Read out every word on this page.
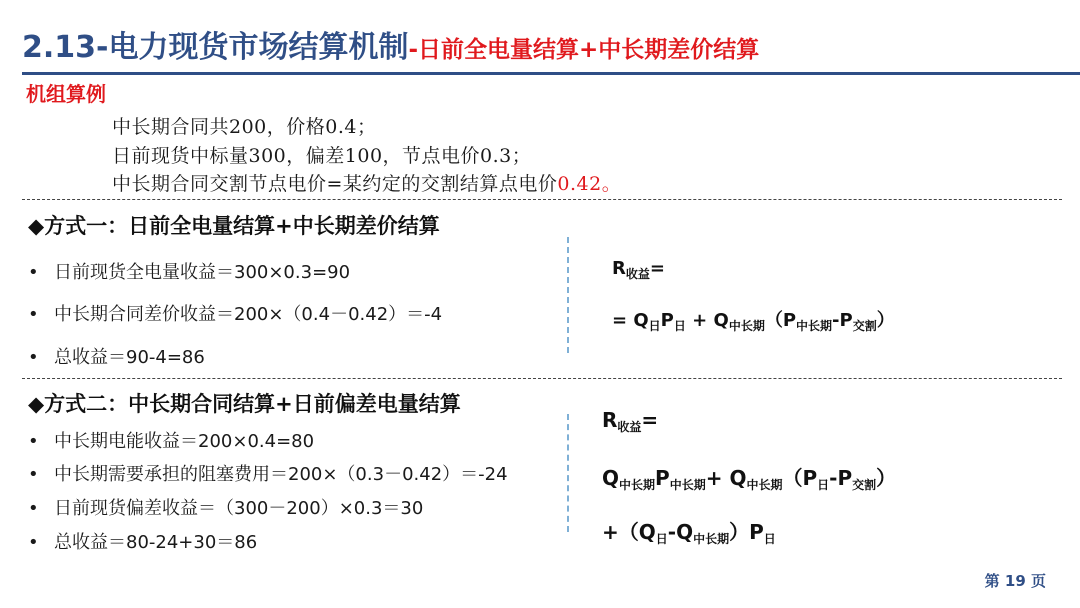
2.13-电力现货市场结算机制-日前全电量结算+中长期差价结算
机组算例
中长期合同共200，价格0.4；
日前现货中标量300，偏差100，节点电价0.3；
中长期合同交割节点电价=某约定的交割结算点电价0.42。
◆方式一：日前全电量结算+中长期差价结算
• 日前现货全电量收益＝300×0.3=90
• 中长期合同差价收益＝200×（0.4－0.42）＝-4
• 总收益＝90-4=86
$R_{收益}=$
= $Q_日P_日 + Q_{中长期}(P_{中长期}-P_{交割})$
◆方式二：中长期合同结算+日前偏差电量结算
• 中长期电能收益＝200×0.4=80
• 中长期需要承担的阻塞费用＝200×（0.3－0.42）＝-24
• 日前现货偏差收益＝（300－200）×0.3＝30
• 总收益＝80-24+30＝86
$R_{收益}=$
$Q_{中长期}P_{中长期}+ Q_{中长期}(P_日-P_{交割})$
$+(Q_日-Q_{中长期})P_日$
第 19 页
